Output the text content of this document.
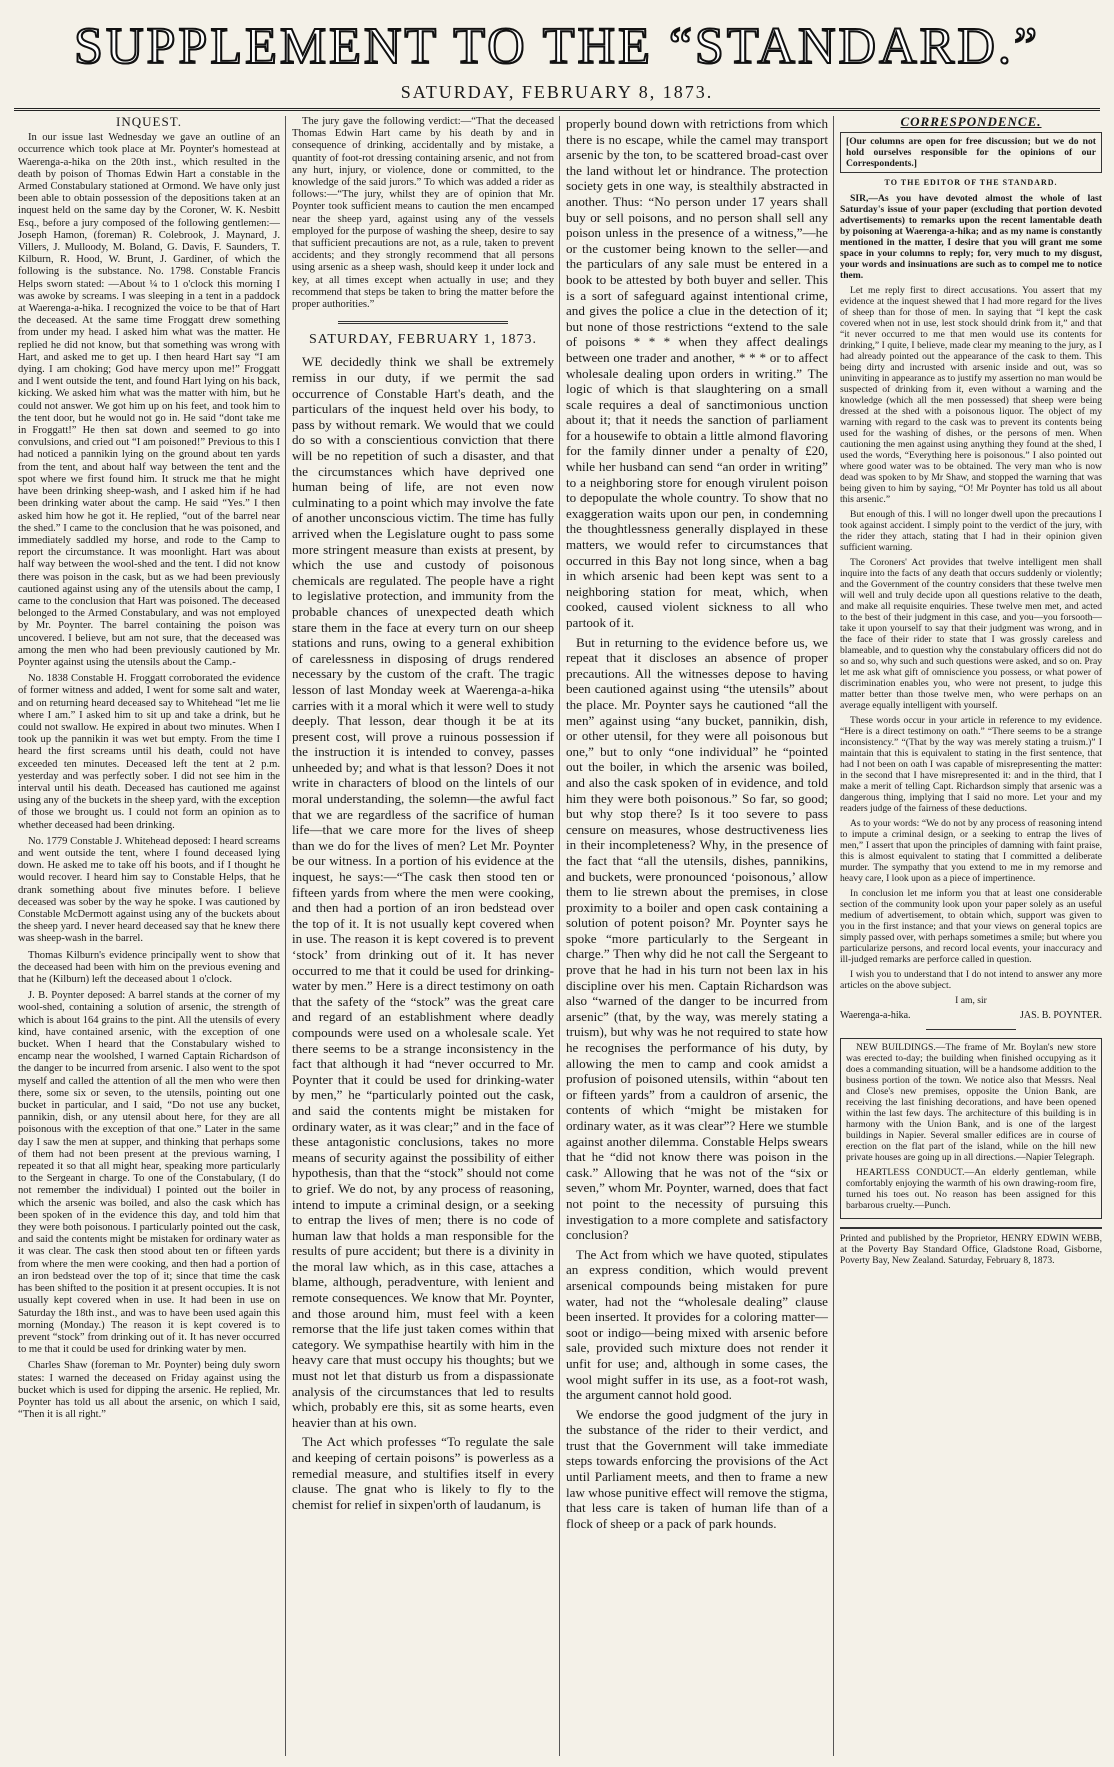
SUPPLEMENT TO THE “STANDARD.”
SATURDAY, FEBRUARY 8, 1873.
INQUEST.

In our issue last Wednesday we gave an outline of an occurrence which took place at Mr. Poynter's homestead at Waerenga-a-hika on the 20th inst., which resulted in the death by poison of Thomas Edwin Hart a constable in the Armed Constabulary stationed at Ormond. We have only just been able to obtain possession of the depositions taken at an inquest held on the same day by the Coroner, W. K. Nesbitt Esq., before a jury composed of the following gentlemen:—Joseph Hamon, (foreman) R. Colebrook, J. Maynard, J. Villers, J. Mulloody, M. Boland, G. Davis, F. Saunders, T. Kilburn, R. Hood, W. Brunt, J. Gardiner, of which the following is the substance. No. 1798. Constable Francis Helps sworn stated: —About ¼ to 1 o'clock this morning I was awoke by screams. I was sleeping in a tent in a paddock at Waerenga-a-hika. I recognized the voice to be that of Hart the deceased. At the same time Froggatt drew something from under my head. I asked him what was the matter. He replied he did not know, but that something was wrong with Hart, and asked me to get up. I then heard Hart say “I am dying. I am choking; God have mercy upon me!” Froggatt and I went outside the tent, and found Hart lying on his back, kicking. We asked him what was the matter with him, but he could not answer. We got him up on his feet, and took him to the tent door, but he would not go in. He said “dont take me in Froggatt!” He then sat down and seemed to go into convulsions, and cried out “I am poisoned!” Previous to this I had noticed a pannikin lying on the ground about ten yards from the tent, and about half way between the tent and the spot where we first found him. It struck me that he might have been drinking sheep-wash, and I asked him if he had been drinking water about the camp. He said “Yes.” I then asked him how he got it. He replied, “out of the barrel near the shed.” I came to the conclusion that he was poisoned, and immediately saddled my horse, and rode to the Camp to report the circumstance. It was moonlight. Hart was about half way between the wool-shed and the tent. I did not know there was poison in the cask, but as we had been previously cautioned against using any of the utensils about the camp, I came to the conclusion that Hart was poisoned. The deceased belonged to the Armed Constabulary, and was not employed by Mr. Poynter. The barrel containing the poison was uncovered. I believe, but am not sure, that the deceased was among the men who had been previously cautioned by Mr. Poynter against using the utensils about the Camp.-

No. 1838 Constable H. Froggatt corroborated the evidence of former witness and added, I went for some salt and water, and on returning heard deceased say to Whitehead “let me lie where I am.” I asked him to sit up and take a drink, but he could not swallow. He expired in about two minutes. When I took up the pannikin it was wet but empty. From the time I heard the first screams until his death, could not have exceeded ten minutes. Deceased left the tent at 2 p.m. yesterday and was perfectly sober. I did not see him in the interval until his death. Deceased has cautioned me against using any of the buckets in the sheep yard, with the exception of those we brought us. I could not form an opinion as to whether deceased had been drinking.

No. 1779 Constable J. Whitehead deposed: I heard screams and went outside the tent, where I found deceased lying down. He asked me to take off his boots, and if I thought he would recover. I heard him say to Constable Helps, that he drank something about five minutes before. I believe deceased was sober by the way he spoke. I was cautioned by Constable McDermott against using any of the buckets about the sheep yard. I never heard deceased say that he knew there was sheep-wash in the barrel.

Thomas Kilburn's evidence principally went to show that the deceased had been with him on the previous evening and that he (Kilburn) left the deceased about 1 o'clock.

J. B. Poynter deposed: A barrel stands at the corner of my wool-shed, containing a solution of arsenic, the strength of which is about 164 grains to the pint. All the utensils of every kind, have contained arsenic, with the exception of one bucket. When I heard that the Constabulary wished to encamp near the woolshed, I warned Captain Richardson of the danger to be incurred from arsenic. I also went to the spot myself and called the attention of all the men who were then there, some six or seven, to the utensils, pointing out one bucket in particular, and I said, “Do not use any bucket, pannikin, dish, or any utensil about here, for they are all poisonous with the exception of that one.” Later in the same day I saw the men at supper, and thinking that perhaps some of them had not been present at the previous warning, I repeated it so that all might hear, speaking more particularly to the Sergeant in charge. To one of the Constabulary, (I do not remember the individual) I pointed out the boiler in which the arsenic was boiled, and also the cask which has been spoken of in the evidence this day, and told him that they were both poisonous. I particularly pointed out the cask, and said the contents might be mistaken for ordinary water as it was clear. The cask then stood about ten or fifteen yards from where the men were cooking, and then had a portion of an iron bedstead over the top of it; since that time the cask has been shifted to the position it at present occupies. It is not usually kept covered when in use. It had been in use on Saturday the 18th inst., and was to have been used again this morning (Monday.) The reason it is kept covered is to prevent “stock” from drinking out of it. It has never occurred to me that it could be used for drinking water by men.

Charles Shaw (foreman to Mr. Poynter) being duly sworn states: I warned the deceased on Friday against using the bucket which is used for dipping the arsenic. He replied, Mr. Poynter has told us all about the arsenic, on which I said, “Then it is all right.”

The jury gave the following verdict:—“That the deceased Thomas Edwin Hart came by his death by and in consequence of drinking, accidentally and by mistake, a quantity of foot-rot dressing containing arsenic, and not from any hurt, injury, or violence, done or committed, to the knowledge of the said jurors.” To which was added a rider as follows:—“The jury, whilst they are of opinion that Mr. Poynter took sufficient means to caution the men encamped near the sheep yard, against using any of the vessels employed for the purpose of washing the sheep, desire to say that sufficient precautions are not, as a rule, taken to prevent accidents; and they strongly recommend that all persons using arsenic as a sheep wash, should keep it under lock and key, at all times except when actually in use; and they recommend that steps be taken to bring the matter before the proper authorities.”

SATURDAY, FEBRUARY 1, 1873.

WE decidedly think we shall be extremely remiss in our duty, if we permit the sad occurrence of Constable Hart's death, and the particulars of the inquest held over his body, to pass by without remark. We would that we could do so with a conscientious conviction that there will be no repetition of such a disaster, and that the circumstances which have deprived one human being of life, are not even now culminating to a point which may involve the fate of another unconscious victim. The time has fully arrived when the Legislature ought to pass some more stringent measure than exists at present, by which the use and custody of poisonous chemicals are regulated. The people have a right to legislative protection, and immunity from the probable chances of unexpected death which stare them in the face at every turn on our sheep stations and runs, owing to a general exhibition of carelessness in disposing of drugs rendered necessary by the custom of the craft. The tragic lesson of last Monday week at Waerenga-a-hika carries with it a moral which it were well to study deeply. That lesson, dear though it be at its present cost, will prove a ruinous possession if the instruction it is intended to convey, passes unheeded by; and what is that lesson? Does it not write in characters of blood on the lintels of our moral understanding, the solemn—the awful fact that we are regardless of the sacrifice of human life—that we care more for the lives of sheep than we do for the lives of men? Let Mr. Poynter be our witness. In a portion of his evidence at the inquest, he says:—“The cask then stood ten or fifteen yards from where the men were cooking, and then had a portion of an iron bedstead over the top of it. It is not usually kept covered when in use. The reason it is kept covered is to prevent ‘stock’ from drinking out of it. It has never occurred to me that it could be used for drinking-water by men.” Here is a direct testimony on oath that the safety of the “stock” was the great care and regard of an establishment where deadly compounds were used on a wholesale scale. Yet there seems to be a strange inconsistency in the fact that although it had “never occurred to Mr. Poynter that it could be used for drinking-water by men,” he “particularly pointed out the cask, and said the contents might be mistaken for ordinary water, as it was clear;” and in the face of these antagonistic conclusions, takes no more means of security against the possibility of either hypothesis, than that the “stock” should not come to grief. We do not, by any process of reasoning, intend to impute a criminal design, or a seeking to entrap the lives of men; there is no code of human law that holds a man responsible for the results of pure accident; but there is a divinity in the moral law which, as in this case, attaches a blame, although, peradventure, with lenient and remote consequences. We know that Mr. Poynter, and those around him, must feel with a keen remorse that the life just taken comes within that category. We sympathise heartily with him in the heavy care that must occupy his thoughts; but we must not let that disturb us from a dispassionate analysis of the circumstances that led to results which, probably ere this, sit as some hearts, even heavier than at his own.

The Act which professes “To regulate the sale and keeping of certain poisons” is powerless as a remedial measure, and stultifies itself in every clause. The gnat who is likely to fly to the chemist for relief in sixpen'orth of laudanum, is

properly bound down with retrictions from which there is no escape, while the camel may transport arsenic by the ton, to be scattered broad-cast over the land without let or hindrance. The protection society gets in one way, is stealthily abstracted in another. Thus: “No person under 17 years shall buy or sell poisons, and no person shall sell any poison unless in the presence of a witness,”—he or the customer being known to the seller—and the particulars of any sale must be entered in a book to be attested by both buyer and seller. This is a sort of safeguard against intentional crime, and gives the police a clue in the detection of it; but none of those restrictions “extend to the sale of poisons * * * when they affect dealings between one trader and another, * * * or to affect wholesale dealing upon orders in writing.” The logic of which is that slaughtering on a small scale requires a deal of sanctimonious unction about it; that it needs the sanction of parliament for a housewife to obtain a little almond flavoring for the family dinner under a penalty of £20, while her husband can send “an order in writing” to a neighboring store for enough virulent poison to depopulate the whole country. To show that no exaggeration waits upon our pen, in condemning the thoughtlessness generally displayed in these matters, we would refer to circumstances that occurred in this Bay not long since, when a bag in which arsenic had been kept was sent to a neighboring station for meat, which, when cooked, caused violent sickness to all who partook of it.

But in returning to the evidence before us, we repeat that it discloses an absence of proper precautions. All the witnesses depose to having been cautioned against using “the utensils” about the place. Mr. Poynter says he cautioned “all the men” against using “any bucket, pannikin, dish, or other utensil, for they were all poisonous but one,” but to only “one individual” he “pointed out the boiler, in which the arsenic was boiled, and also the cask spoken of in evidence, and told him they were both poisonous.” So far, so good; but why stop there? Is it too severe to pass censure on measures, whose destructiveness lies in their incompleteness? Why, in the presence of the fact that “all the utensils, dishes, pannikins, and buckets, were pronounced ‘poisonous,’ allow them to lie strewn about the premises, in close proximity to a boiler and open cask containing a solution of potent poison? Mr. Poynter says he spoke “more particularly to the Sergeant in charge.” Then why did he not call the Sergeant to prove that he had in his turn not been lax in his discipline over his men. Captain Richardson was also “warned of the danger to be incurred from arsenic” (that, by the way, was merely stating a truism), but why was he not required to state how he recognises the performance of his duty, by allowing the men to camp and cook amidst a profusion of poisoned utensils, within “about ten or fifteen yards” from a cauldron of arsenic, the contents of which “might be mistaken for ordinary water, as it was clear”? Here we stumble against another dilemma. Constable Helps swears that he “did not know there was poison in the cask.” Allowing that he was not of the “six or seven,” whom Mr. Poynter, warned, does that fact not point to the necessity of pursuing this investigation to a more complete and satisfactory conclusion?

The Act from which we have quoted, stipulates an express condition, which would prevent arsenical compounds being mistaken for pure water, had not the “wholesale dealing” clause been inserted. It provides for a coloring matter—soot or indigo—being mixed with arsenic before sale, provided such mixture does not render it unfit for use; and, although in some cases, the wool might suffer in its use, as a foot-rot wash, the argument cannot hold good.

We endorse the good judgment of the jury in the substance of the rider to their verdict, and trust that the Government will take immediate steps towards enforcing the provisions of the Act until Parliament meets, and then to frame a new law whose punitive effect will remove the stigma, that less care is taken of human life than of a flock of sheep or a pack of park hounds.

CORRESPONDENCE.
[Our columns are open for free discussion; but we do not hold ourselves responsible for the opinions of our Correspondents.]
TO THE EDITOR OF THE STANDARD.

SIR,—As you have devoted almost the whole of last Saturday's issue of your paper (excluding that portion devoted advertisements) to remarks upon the recent lamentable death by poisoning at Waerenga-a-hika; and as my name is constantly mentioned in the matter, I desire that you will grant me some space in your columns to reply; for, very much to my disgust, your words and insinuations are such as to compel me to notice them.

Let me reply first to direct accusations. You assert that my evidence at the inquest shewed that I had more regard for the lives of sheep than for those of men. In saying that “I kept the cask covered when not in use, lest stock should drink from it,” and that “it never occurred to me that men would use its contents for drinking,” I quite, I believe, made clear my meaning to the jury, as I had already pointed out the appearance of the cask to them. This being dirty and incrusted with arsenic inside and out, was so uninviting in appearance as to justify my assertion no man would be suspected of drinking from it, even without a warning and the knowledge (which all the men possessed) that sheep were being dressed at the shed with a poisonous liquor. The object of my warning with regard to the cask was to prevent its contents being used for the washing of dishes, or the persons of men. When cautioning the men against using anything they found at the shed, I used the words, “Everything here is poisonous.” I also pointed out where good water was to be obtained. The very man who is now dead was spoken to by Mr Shaw, and stopped the warning that was being given to him by saying, “O! Mr Poynter has told us all about this arsenic.”

But enough of this. I will no longer dwell upon the precautions I took against accident. I simply point to the verdict of the jury, with the rider they attach, stating that I had in their opinion given sufficient warning.

The Coroners' Act provides that twelve intelligent men shall inquire into the facts of any death that occurs suddenly or violently; and the Government of the country considers that these twelve men will well and truly decide upon all questions relative to the death, and make all requisite enquiries. These twelve men met, and acted to the best of their judgment in this case, and you—you forsooth—take it upon yourself to say that their judgment was wrong, and in the face of their rider to state that I was grossly careless and blameable, and to question why the constabulary officers did not do so and so, why such and such questions were asked, and so on. Pray let me ask what gift of omniscience you possess, or what power of discrimination enables you, who were not present, to judge this matter better than those twelve men, who were perhaps on an average equally intelligent with yourself.

These words occur in your article in reference to my evidence. “Here is a direct testimony on oath.” “There seems to be a strange inconsistency.” “(That by the way was merely stating a truism.)” I maintain that this is equivalent to stating in the first sentence, that had I not been on oath I was capable of misrepresenting the matter: in the second that I have misrepresented it: and in the third, that I make a merit of telling Capt. Richardson simply that arsenic was a dangerous thing, implying that I said no more. Let your and my readers judge of the fairness of these deductions.

As to your words: “We do not by any process of reasoning intend to impute a criminal design, or a seeking to entrap the lives of men,” I assert that upon the principles of damning with faint praise, this is almost equivalent to stating that I committed a deliberate murder. The sympathy that you extend to me in my remorse and heavy care, I look upon as a piece of impertinence.

In conclusion let me inform you that at least one considerable section of the community look upon your paper solely as an useful medium of advertisement, to obtain which, support was given to you in the first instance; and that your views on general topics are simply passed over, with perhaps sometimes a smile; but where you particularize persons, and record local events, your inaccuracy and ill-judged remarks are perforce called in question.

I wish you to understand that I do not intend to answer any more articles on the above subject.

I am, sir

Waerenga-a-hika.	JAS. B. POYNTER.

NEW BUILDINGS.—The frame of Mr. Boylan's new store was erected to-day; the building when finished occupying as it does a commanding situation, will be a handsome addition to the business portion of the town. We notice also that Messrs. Neal and Close's new premises, opposite the Union Bank, are receiving the last finishing decorations, and have been opened within the last few days. The architecture of this building is in harmony with the Union Bank, and is one of the largest buildings in Napier. Several smaller edifices are in course of erection on the flat part of the island, while on the hill new private houses are going up in all directions.—Napier Telegraph.

HEARTLESS CONDUCT.—An elderly gentleman, while comfortably enjoying the warmth of his own drawing-room fire, turned his toes out. No reason has been assigned for this barbarous cruelty.—Punch.

Printed and published by the Proprietor, HENRY EDWIN WEBB, at the Poverty Bay Standard Office, Gladstone Road, Gisborne, Poverty Bay, New Zealand. Saturday, February 8, 1873.
